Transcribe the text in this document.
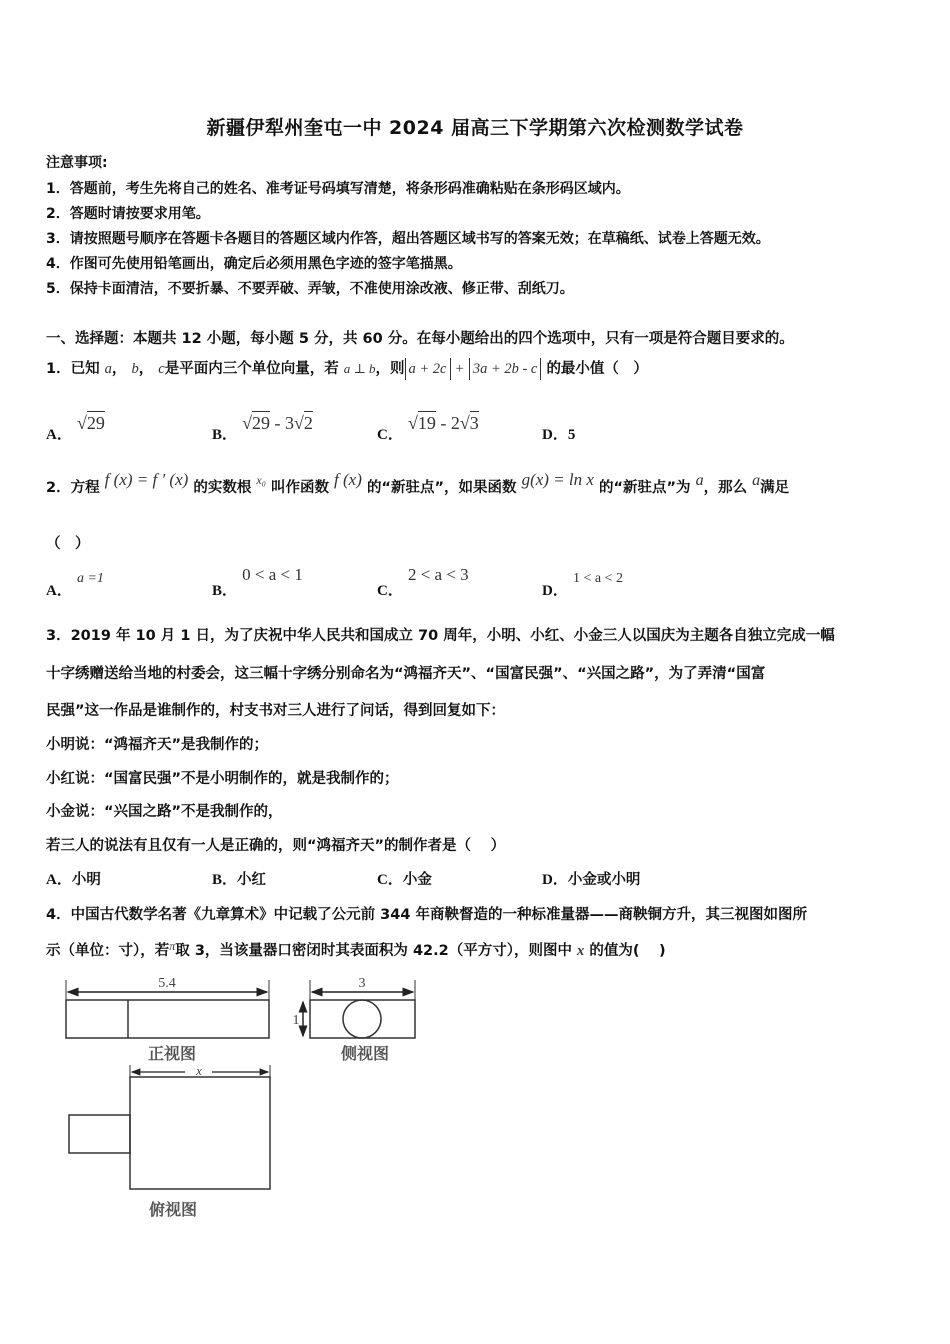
新疆伊犁州奎屯一中 2024 届高三下学期第六次检测数学试卷
注意事项:
1．答题前，考生先将自己的姓名、准考证号码填写清楚，将条形码准确粘贴在条形码区域内。
2．答题时请按要求用笔。
3．请按照题号顺序在答题卡各题目的答题区域内作答，超出答题区域书写的答案无效；在草稿纸、试卷上答题无效。
4．作图可先使用铅笔画出，确定后必须用黑色字迹的签字笔描黑。
5．保持卡面清洁，不要折暴、不要弄破、弄皱，不准使用涂改液、修正带、刮纸刀。
一、选择题：本题共 12 小题，每小题 5 分，共 60 分。在每小题给出的四个选项中，只有一项是符合题目要求的。
1．已知 a， b， c是平面内三个单位向量，若 a ⊥ b，则 a + 2c + 3a + 2b - c 的最小值（　）
A． √29
B． √29 - 3√2
C． √19 - 2√3
D．5
2．方程 f (x) = f ′ (x) 的实数根 $^{x_0}$ 叫作函数 f (x) 的“新驻点”，如果函数 g(x) = ln x 的“新驻点”为 a，那么 a满足
（　）
A． a =1
B． 0 < a < 1
C． 2 < a < 3
D． 1 < a < 2
3．2019 年 10 月 1 日，为了庆祝中华人民共和国成立 70 周年，小明、小红、小金三人以国庆为主题各自独立完成一幅
十字绣赠送给当地的村委会，这三幅十字绣分别命名为“鸿福齐天”、“国富民强”、“兴国之路”，为了弄清“国富
民强”这一作品是谁制作的，村支书对三人进行了问话，得到回复如下：
小明说：“鸿福齐天”是我制作的；
小红说：“国富民强”不是小明制作的，就是我制作的；
小金说：“兴国之路”不是我制作的，
若三人的说法有且仅有一人是正确的，则“鸿福齐天”的制作者是（　 ）
A．小明	B．小红	C．小金	D．小金或小明
4．中国古代数学名著《九章算术》中记载了公元前 344 年商鞅督造的一种标准量器——商鞅铜方升，其三视图如图所
示（单位：寸），若$^\pi$取 3，当该量器口密闭时其表面积为 42.2（平方寸），则图中 x 的值为(　 )
5.4
正视图
3
1
侧视图
x
俯视图
